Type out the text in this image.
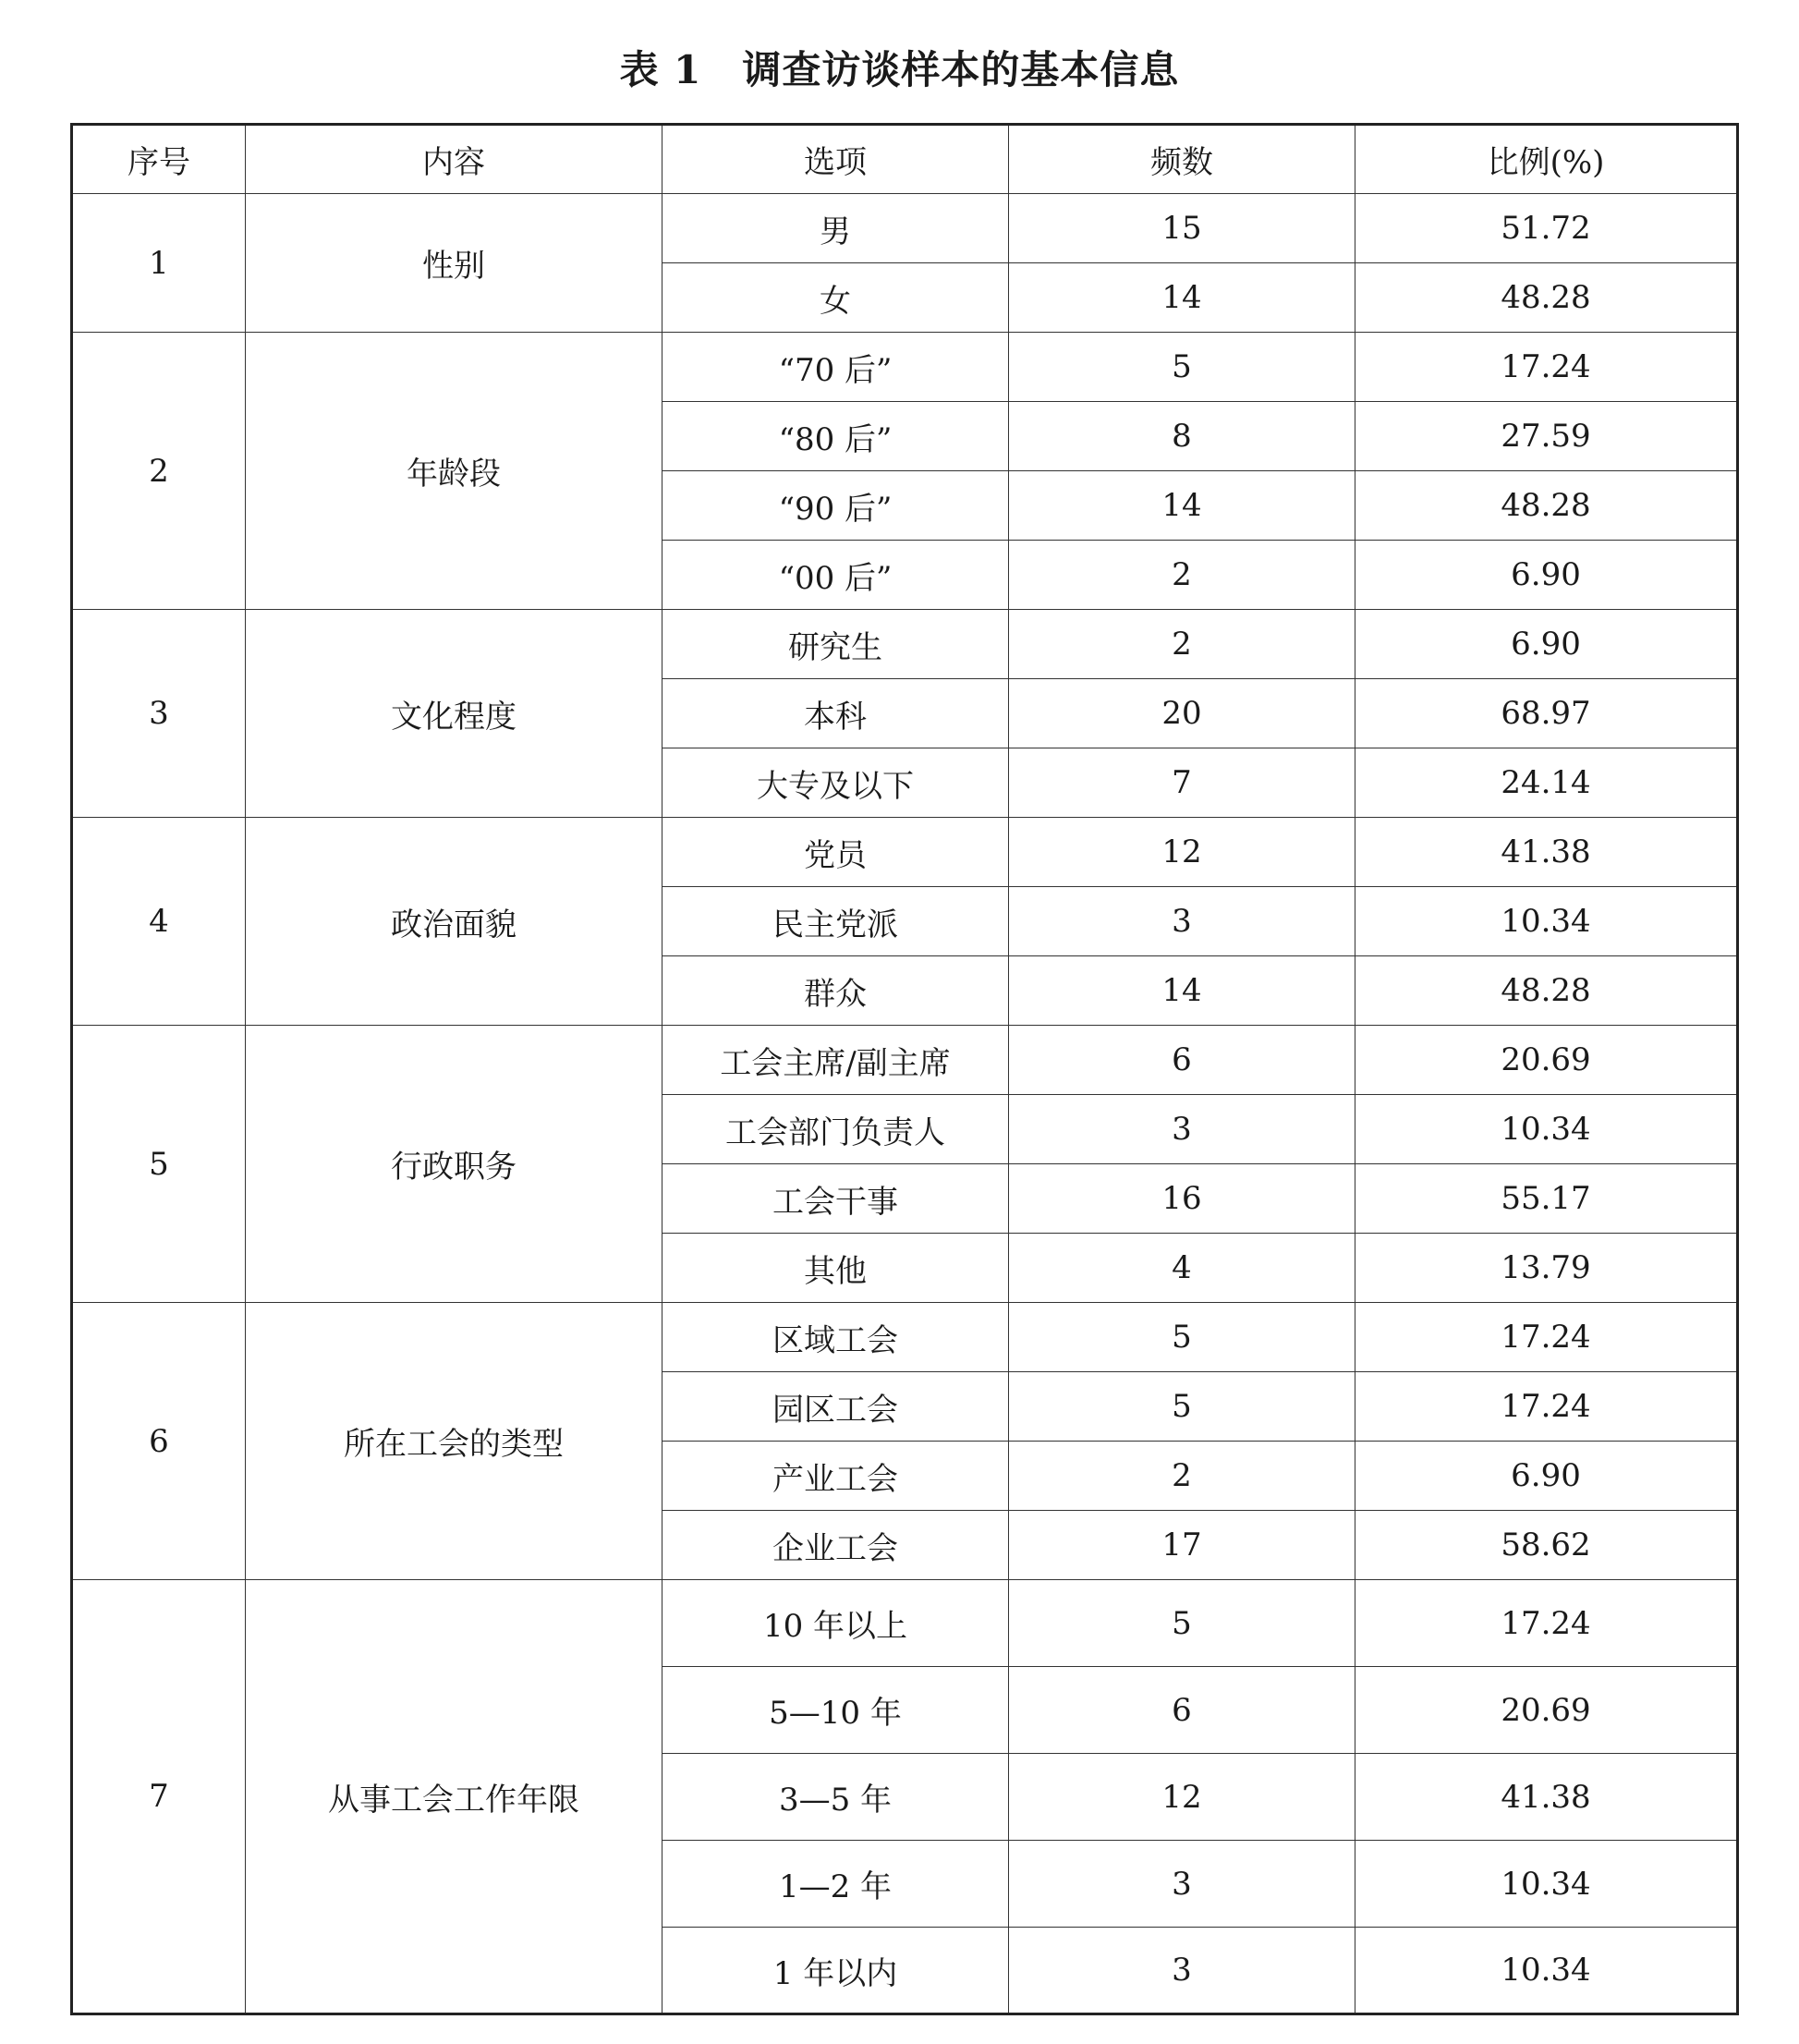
表 1 调查访谈样本的基本信息
序号	内容	选项	频数	比例(%)
1	性别	男	15	51.72
		女	14	48.28
2	年龄段	“70 后”	5	17.24
		“80 后”	8	27.59
		“90 后”	14	48.28
		“00 后”	2	6.90
3	文化程度	研究生	2	6.90
		本科	20	68.97
		大专及以下	7	24.14
4	政治面貌	党员	12	41.38
		民主党派	3	10.34
		群众	14	48.28
5	行政职务	工会主席/副主席	6	20.69
		工会部门负责人	3	10.34
		工会干事	16	55.17
		其他	4	13.79
6	所在工会的类型	区域工会	5	17.24
		园区工会	5	17.24
		产业工会	2	6.90
		企业工会	17	58.62
7	从事工会工作年限	10 年以上	5	17.24
		5—10 年	6	20.69
		3—5 年	12	41.38
		1—2 年	3	10.34
		1 年以内	3	10.34
